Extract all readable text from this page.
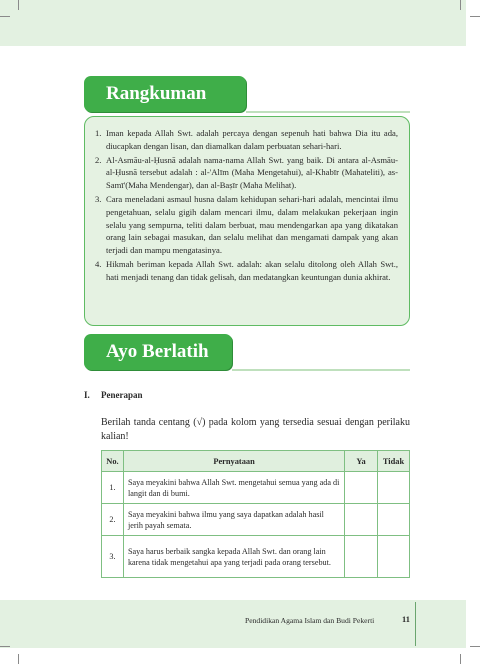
Rangkuman
1. Iman kepada Allah Swt. adalah percaya dengan sepenuh hati bahwa Dia itu ada, diucapkan dengan lisan, dan diamalkan dalam perbuatan sehari-hari.
2. Al-Asmāu-al-Ḥusnā adalah nama-nama Allah Swt. yang baik. Di antara al-Asmāu-al-Ḥusnā tersebut adalah : al-'Alīm (Maha Mengetahui), al-Khabīr (Mahateliti), as-Samī'(Maha Mendengar), dan al-Baṣīr (Maha Melihat).
3. Cara meneladani asmaul husna dalam kehidupan sehari-hari adalah, mencintai ilmu pengetahuan, selalu gigih dalam mencari ilmu, dalam melakukan pekerjaan ingin selalu yang sempurna, teliti dalam berbuat, mau mendengarkan apa yang dikatakan orang lain sebagai masukan, dan selalu melihat dan mengamati dampak yang akan terjadi dan mampu mengatasinya.
4. Hikmah beriman kepada Allah Swt. adalah: akan selalu ditolong oleh Allah Swt., hati menjadi tenang dan tidak gelisah, dan medatangkan keuntungan dunia akhirat.
Ayo Berlatih
I. Penerapan

Berilah tanda centang (√) pada kolom yang tersedia sesuai dengan perilaku kalian!

No.	Pernyataan	Ya	Tidak
1.	Saya meyakini bahwa Allah Swt. mengetahui semua yang ada di langit dan di bumi.		
2.	Saya meyakini bahwa ilmu yang saya dapatkan adalah hasil jerih payah semata.		
3.	Saya harus berbaik sangka kepada Allah Swt. dan orang lain karena tidak mengetahui apa yang terjadi pada orang tersebut.		
Pendidikan Agama Islam dan Budi Pekerti	11
